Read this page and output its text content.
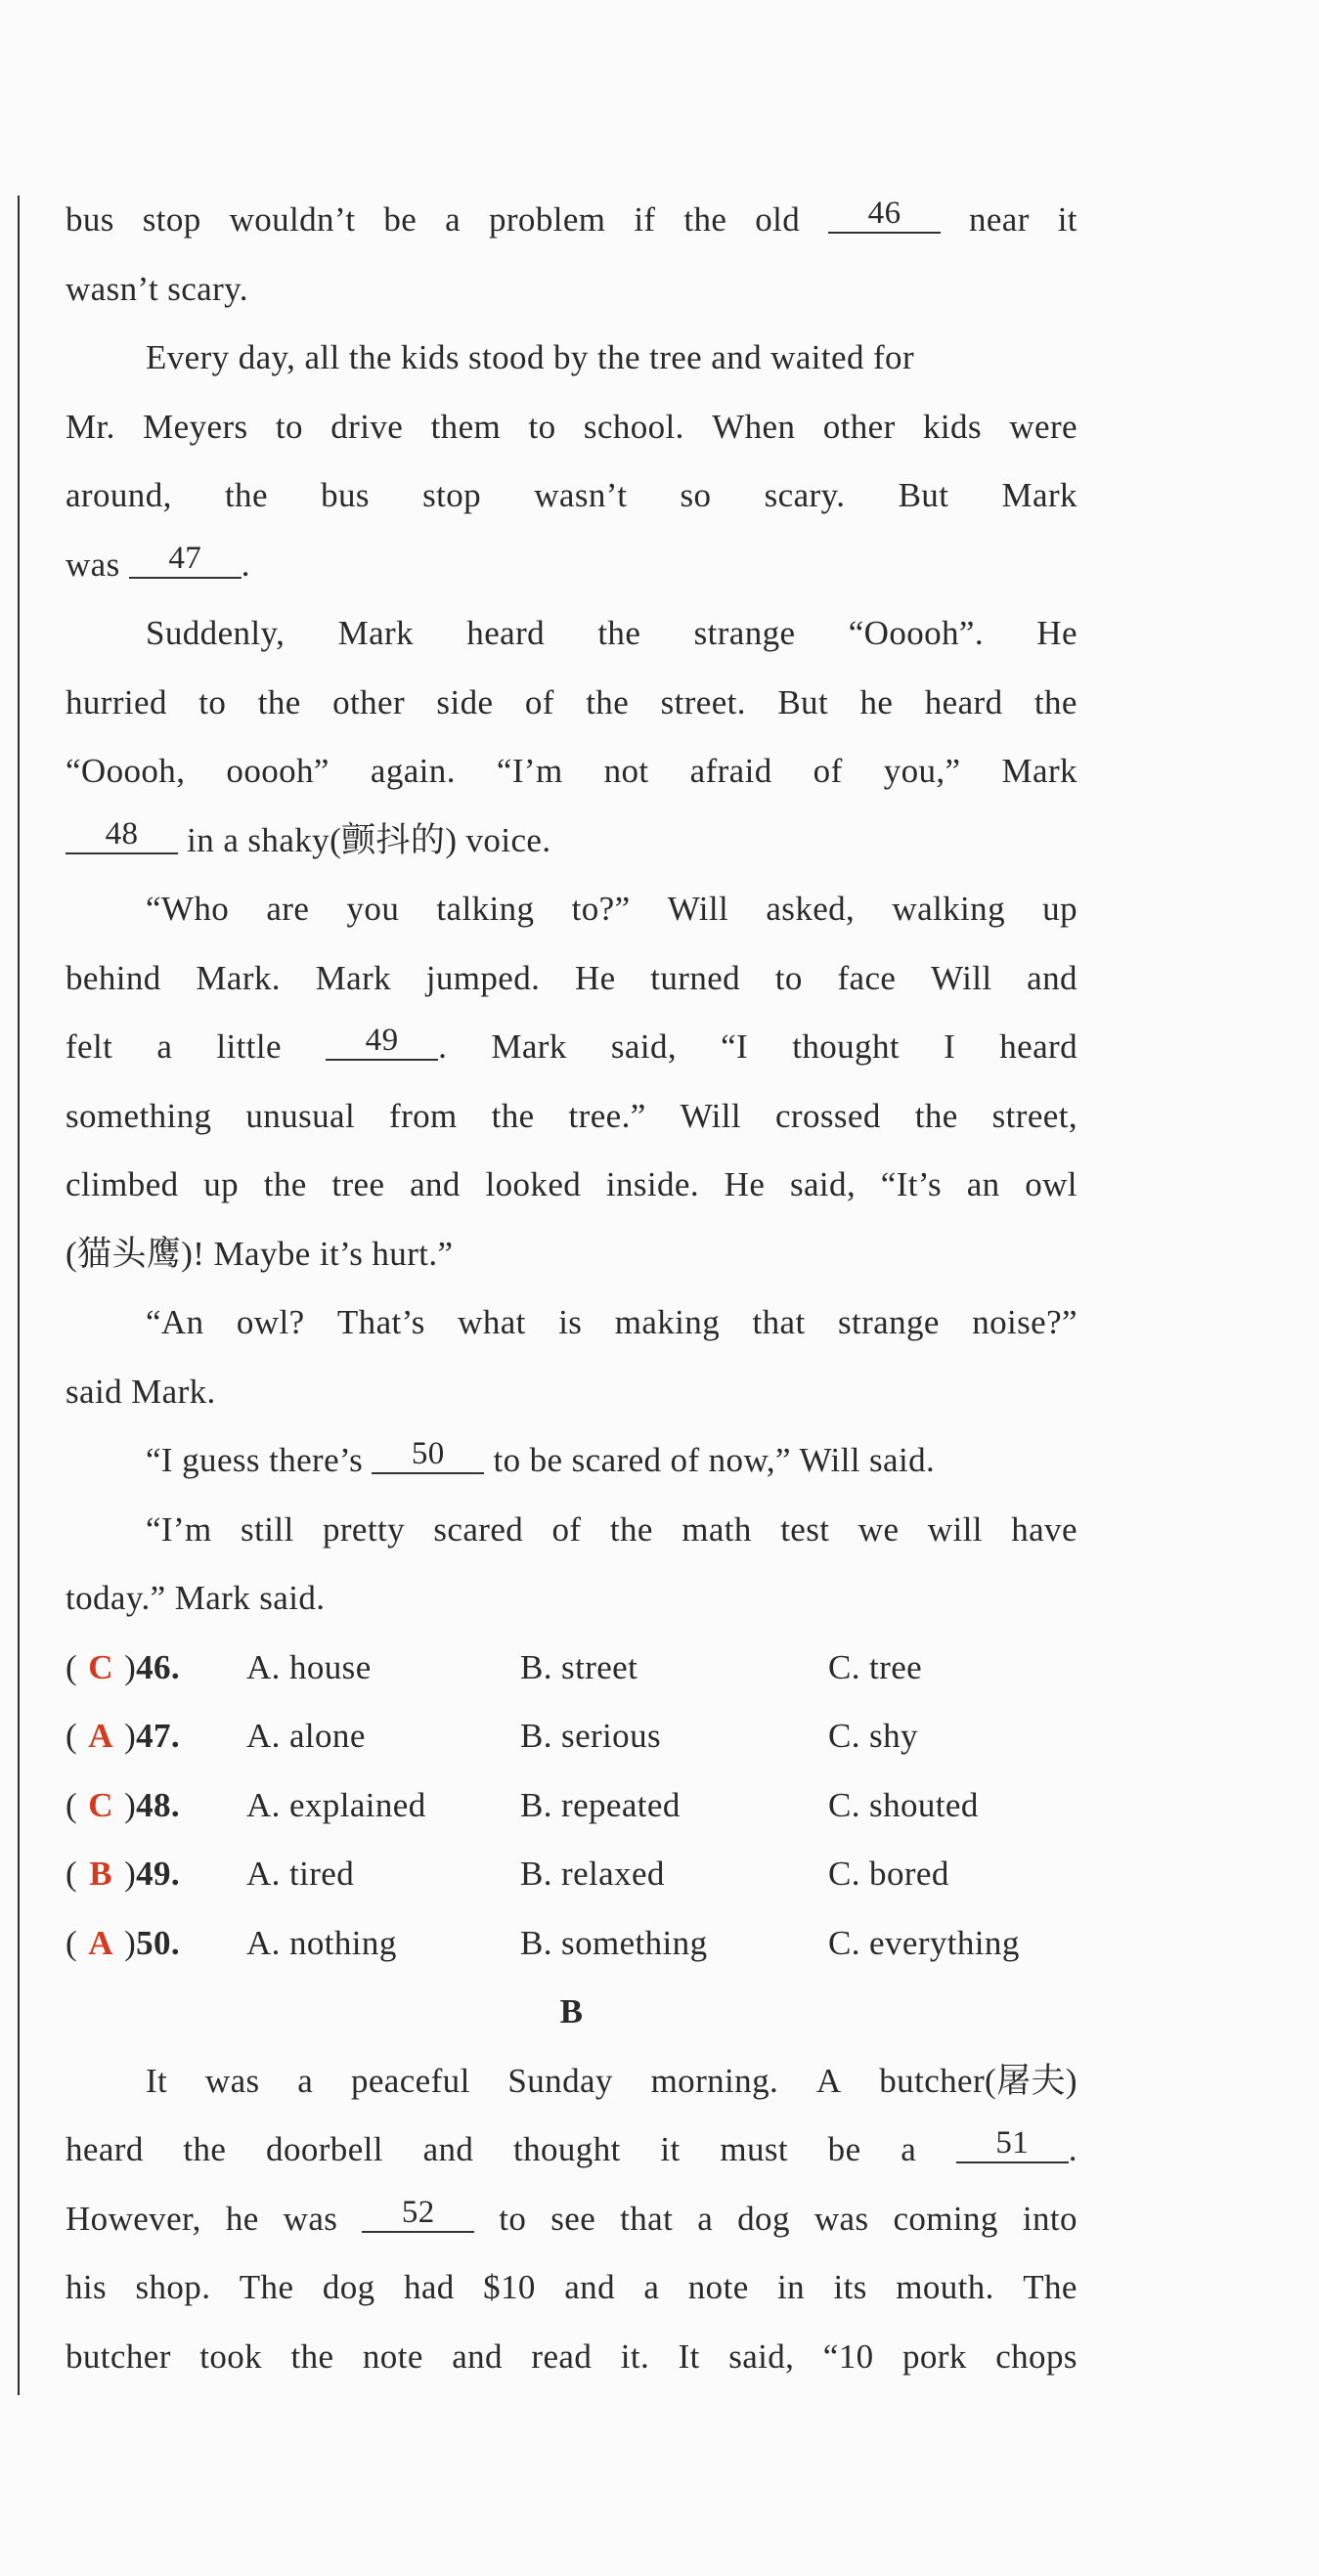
bus stop wouldn’t be a problem if the old	46	near it
wasn’t scary.
Every day, all the kids stood by the tree and waited for
Mr. Meyers to drive them to school. When other kids were
around, the bus stop wasn’t so scary. But Mark
was 47 .
Suddenly, Mark heard the strange “Ooooh”. He
hurried to the other side of the street. But he heard the
“Ooooh, ooooh” again. “I’m not afraid of you,” Mark
48 in a shaky(颤抖的) voice.
“Who are you talking to?” Will asked, walking up
behind Mark. Mark jumped. He turned to face Will and
felt a little	49 . Mark said, “I thought I heard
something unusual from the tree.” Will crossed the street,
climbed up the tree and looked inside. He said, “It’s an owl
(猫头鹰)! Maybe it’s hurt.”
“An owl? That’s what is making that strange noise?”
said Mark.
“I guess there’s 50 to be scared of now,” Will said.
“I’m still pretty scared of the math test we will have
today.” Mark said.
( C )46.	A. house	B. street	C. tree
( A )47.	A. alone	B. serious	C. shy
( C )48.	A. explained	B. repeated	C. shouted
( B )49.	A. tired	B. relaxed	C. bored
( A )50.	A. nothing	B. something	C. everything
B
It was a peaceful Sunday morning. A butcher(屠夫)
heard the doorbell and thought it must be a	51 .
However, he was	52	to see that a dog was coming into
his shop. The dog had $10 and a note in its mouth. The
butcher took the note and read it. It said, “10 pork chops
